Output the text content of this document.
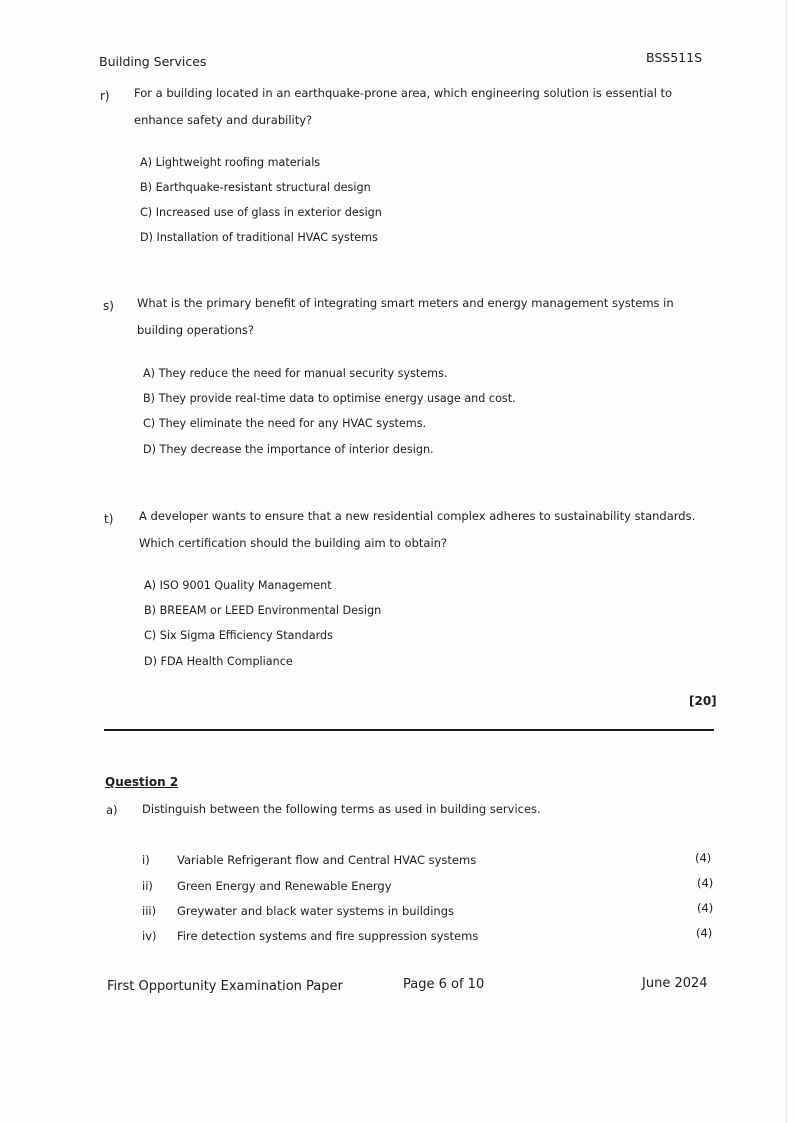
Building Services	BSS511S
r) For a building located in an earthquake-prone area, which engineering solution is essential to enhance safety and durability?
A) Lightweight roofing materials
B) Earthquake-resistant structural design
C) Increased use of glass in exterior design
D) Installation of traditional HVAC systems
s) What is the primary benefit of integrating smart meters and energy management systems in building operations?
A) They reduce the need for manual security systems.
B) They provide real-time data to optimise energy usage and cost.
C) They eliminate the need for any HVAC systems.
D) They decrease the importance of interior design.
t) A developer wants to ensure that a new residential complex adheres to sustainability standards. Which certification should the building aim to obtain?
A) ISO 9001 Quality Management
B) BREEAM or LEED Environmental Design
C) Six Sigma Efficiency Standards
D) FDA Health Compliance
[20]
Question 2
a) Distinguish between the following terms as used in building services.
i) Variable Refrigerant flow and Central HVAC systems	(4)
ii) Green Energy and Renewable Energy	(4)
iii) Greywater and black water systems in buildings	(4)
iv) Fire detection systems and fire suppression systems	(4)
First Opportunity Examination Paper	Page 6 of 10	June 2024
